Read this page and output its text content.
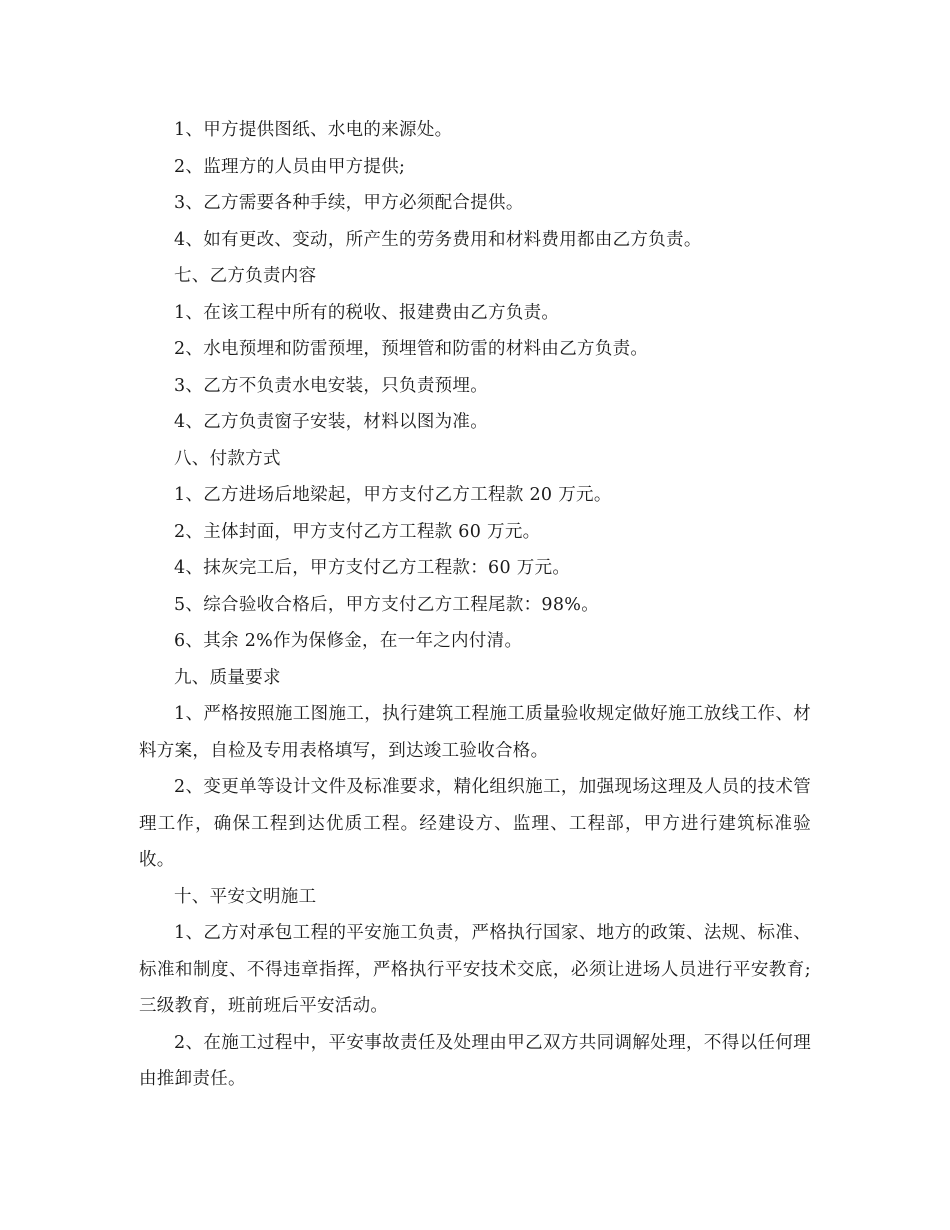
1、甲方提供图纸、水电的来源处。

2、监理方的人员由甲方提供;

3、乙方需要各种手续，甲方必须配合提供。

4、如有更改、变动，所产生的劳务费用和材料费用都由乙方负责。

七、乙方负责内容

1、在该工程中所有的税收、报建费由乙方负责。

2、水电预埋和防雷预埋，预埋管和防雷的材料由乙方负责。

3、乙方不负责水电安装，只负责预埋。

4、乙方负责窗子安装，材料以图为准。

八、付款方式

1、乙方进场后地梁起，甲方支付乙方工程款 20 万元。

2、主体封面，甲方支付乙方工程款 60 万元。

4、抹灰完工后，甲方支付乙方工程款：60 万元。

5、综合验收合格后，甲方支付乙方工程尾款：98%。

6、其余 2%作为保修金，在一年之内付清。

九、质量要求

1、严格按照施工图施工，执行建筑工程施工质量验收规定做好施工放线工作、材料方案，自检及专用表格填写，到达竣工验收合格。

2、变更单等设计文件及标准要求，精化组织施工，加强现场这理及人员的技术管理工作，确保工程到达优质工程。经建设方、监理、工程部，甲方进行建筑标准验收。

十、平安文明施工

1、乙方对承包工程的平安施工负责，严格执行国家、地方的政策、法规、标准、标准和制度、不得违章指挥，严格执行平安技术交底，必须让进场人员进行平安教育;三级教育，班前班后平安活动。

2、在施工过程中，平安事故责任及处理由甲乙双方共同调解处理，不得以任何理由推卸责任。
